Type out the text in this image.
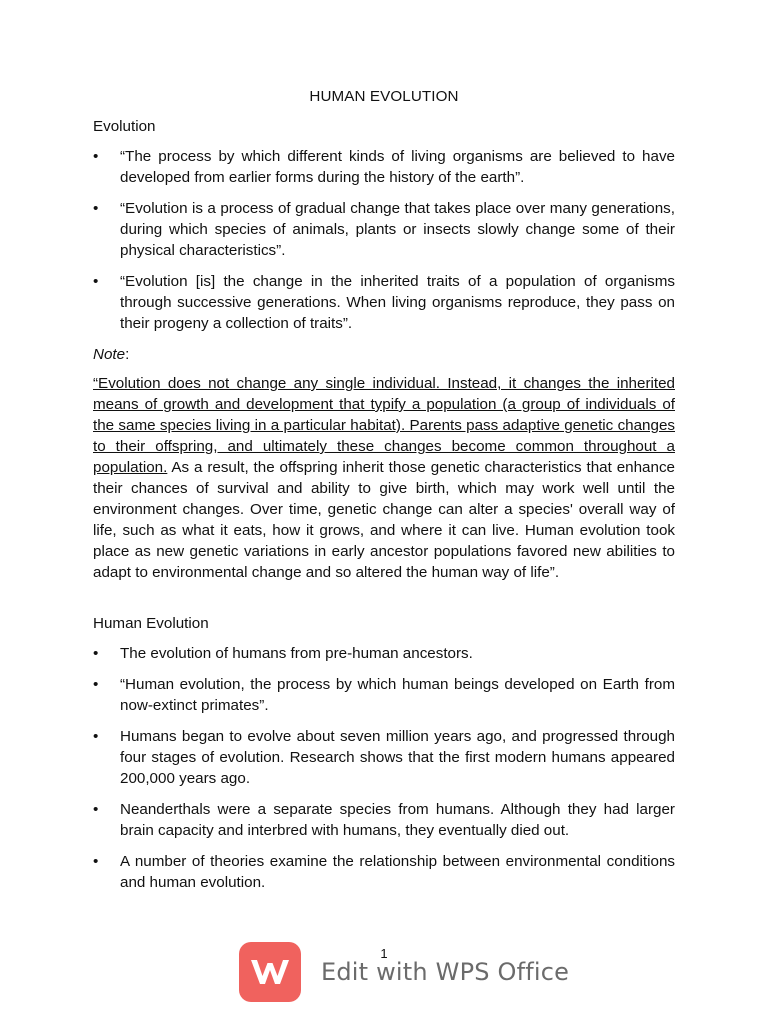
HUMAN EVOLUTION
Evolution
•	“The process by which different kinds of living organisms are believed to have developed from earlier forms during the history of the earth”.
•	“Evolution is a process of gradual change that takes place over many generations, during which species of animals, plants or insects slowly change some of their physical characteristics”.
•	“Evolution [is] the change in the inherited traits of a population of organisms through successive generations. When living organisms reproduce, they pass on their progeny a collection of traits”.
Note:

“Evolution does not change any single individual. Instead, it changes the inherited means of growth and development that typify a population (a group of individuals of the same species living in a particular habitat). Parents pass adaptive genetic changes to their offspring, and ultimately these changes become common throughout a population. As a result, the offspring inherit those genetic characteristics that enhance their chances of survival and ability to give birth, which may work well until the environment changes. Over time, genetic change can alter a species' overall way of life, such as what it eats, how it grows, and where it can live. Human evolution took place as new genetic variations in early ancestor populations favored new abilities to adapt to environmental change and so altered the human way of life”.

Human Evolution
•	The evolution of humans from pre-human ancestors.
•	“Human evolution, the process by which human beings developed on Earth from now-extinct primates”.
•	Humans began to evolve about seven million years ago, and progressed through four stages of evolution. Research shows that the first modern humans appeared 200,000 years ago.
•	Neanderthals were a separate species from humans. Although they had larger brain capacity and interbred with humans, they eventually died out.
•	A number of theories examine the relationship between environmental conditions and human evolution.
1
Edit with WPS Office
